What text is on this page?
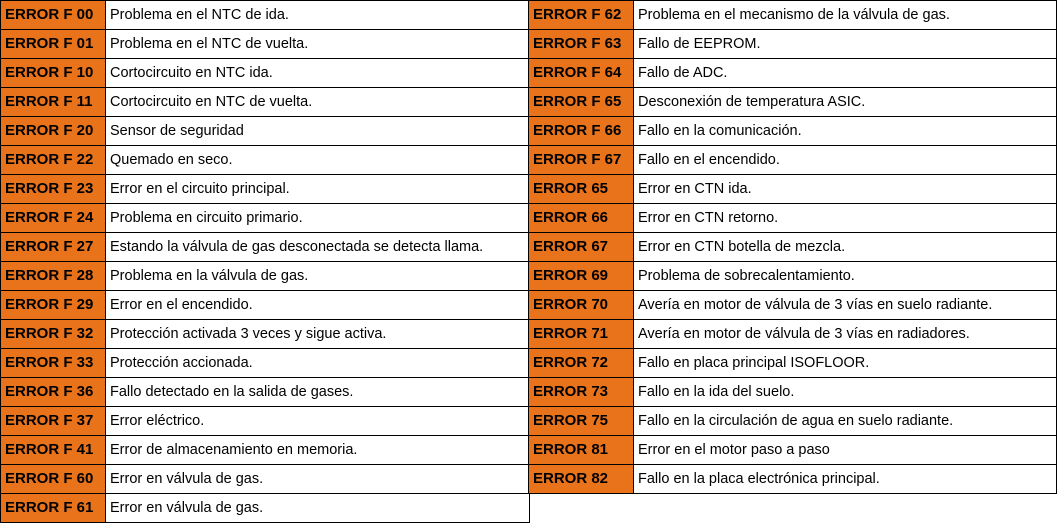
ERROR F 00	Problema en el NTC de ida.
ERROR F 01	Problema en el NTC de vuelta.
ERROR F 10	Cortocircuito en NTC ida.
ERROR F 11	Cortocircuito en NTC de vuelta.
ERROR F 20	Sensor de seguridad
ERROR F 22	Quemado en seco.
ERROR F 23	Error en el circuito principal.
ERROR F 24	Problema en circuito primario.
ERROR F 27	Estando la válvula de gas desconectada se detecta llama.
ERROR F 28	Problema en la válvula de gas.
ERROR F 29	Error en el encendido.
ERROR F 32	Protección activada 3 veces y sigue activa.
ERROR F 33	Protección accionada.
ERROR F 36	Fallo detectado en la salida de gases.
ERROR F 37	Error eléctrico.
ERROR F 41	Error de almacenamiento en memoria.
ERROR F 60	Error en válvula de gas.
ERROR F 61	Error en válvula de gas.
ERROR F 62	Problema en el mecanismo de la válvula de gas.
ERROR F 63	Fallo de EEPROM.
ERROR F 64	Fallo de ADC.
ERROR F 65	Desconexión de temperatura ASIC.
ERROR F 66	Fallo en la comunicación.
ERROR F 67	Fallo en el encendido.
ERROR 65	Error en CTN ida.
ERROR 66	Error en CTN retorno.
ERROR 67	Error en CTN botella de mezcla.
ERROR 69	Problema de sobrecalentamiento.
ERROR 70	Avería en motor de válvula de 3 vías en suelo radiante.
ERROR 71	Avería en motor de válvula de 3 vías en radiadores.
ERROR 72	Fallo en placa principal ISOFLOOR.
ERROR 73	Fallo en la ida del suelo.
ERROR 75	Fallo en la circulación de agua en suelo radiante.
ERROR 81	Error en el motor paso a paso
ERROR 82	Fallo en la placa electrónica principal.
